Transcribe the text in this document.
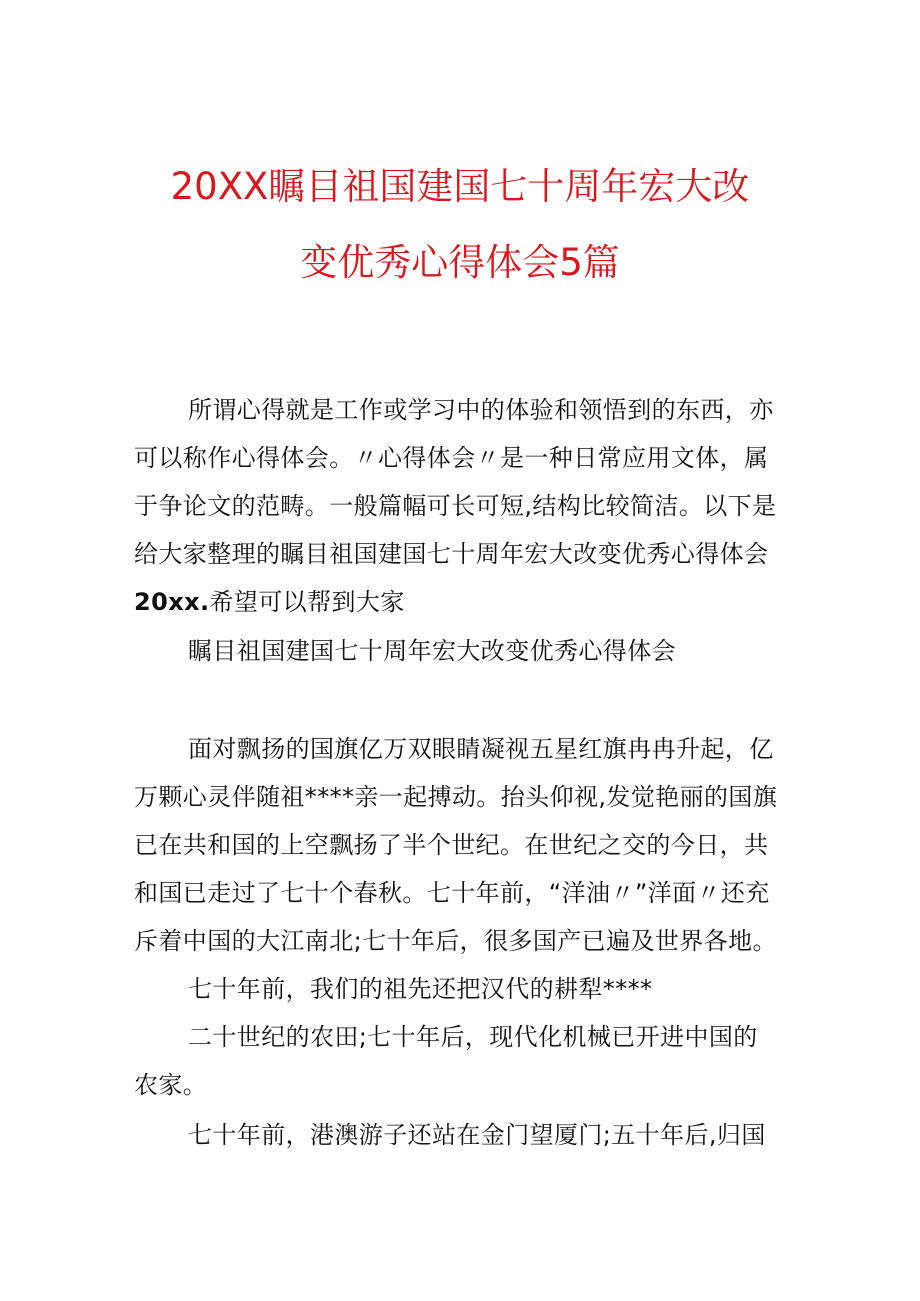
20XX瞩目祖国建国七十周年宏大改
变优秀心得体会5篇
所谓心得就是工作或学习中的体验和领悟到的东西，亦
可以称作心得体会。〃心得体会〃是一种日常应用文体，属
于争论文的范畴。一般篇幅可长可短,结构比较简洁。以下是
给大家整理的瞩目祖国建国七十周年宏大改变优秀心得体会
20xx.希望可以帮到大家
瞩目祖国建国七十周年宏大改变优秀心得体会
面对飘扬的国旗亿万双眼睛凝视五星红旗冉冉升起，亿
万颗心灵伴随祖****亲一起搏动。抬头仰视,发觉艳丽的国旗
已在共和国的上空飘扬了半个世纪。在世纪之交的今日，共
和国已走过了七十个春秋。七十年前，“洋油〃”洋面〃还充
斥着中国的大江南北;七十年后，很多国产已遍及世界各地。
七十年前，我们的祖先还把汉代的耕犁****
二十世纪的农田;七十年后，现代化机械已开进中国的
农家。
七十年前，港澳游子还站在金门望厦门;五十年后,归国
